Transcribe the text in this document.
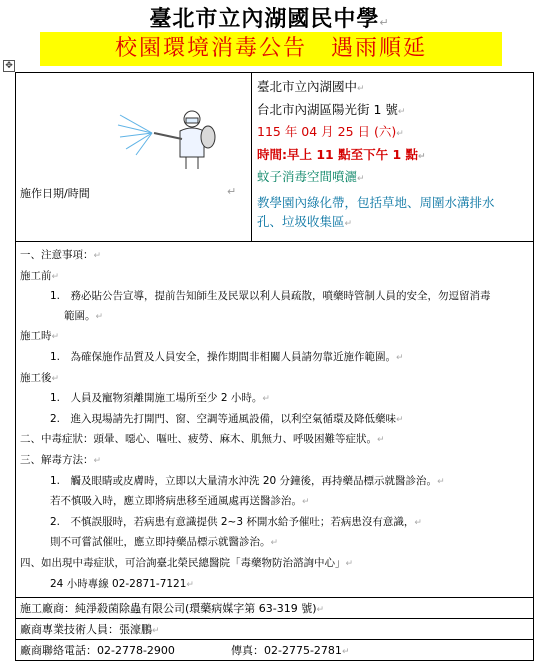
臺北市立內湖國民中學↵
校園環境消毒公告　遇雨順延
✥
施作日期/時間	↵
臺北市立內湖國中↵
台北市內湖區陽光街 1 號↵
115 年 04 月 25 日 (六)↵
時間:早上 11 點至下午 1 點↵
蚊子消毒空間噴灑↵
教學園內綠化帶，包括草地、周圍水溝排水
孔、垃圾收集區↵
一、注意事項：↵
施工前↵
1.　務必貼公告宣導，提前告知師生及民眾以利人員疏散，噴藥時管制人員的安全，勿逗留消毒
範圍。↵
施工時↵
1.　為確保施作品質及人員安全，操作期間非相關人員請勿靠近施作範圍。↵
施工後↵
1.　人員及寵物須離開施工場所至少 2 小時。↵
2.　進入現場請先打開門、窗、空調等通風設備，以利空氣循環及降低藥味↵
二、中毒症狀：頭暈、噁心、嘔吐、疲勞、麻木、肌無力、呼吸困難等症狀。↵
三、解毒方法：↵
1.　觸及眼睛或皮膚時，立即以大量清水沖洗 20 分鐘後，再持藥品標示就醫診治。↵
若不慎吸入時，應立即將病患移至通風處再送醫診治。↵
2.　不慎誤服時，若病患有意識提供 2~3 杯開水給予催吐；若病患沒有意識，↵
則不可嘗試催吐，應立即持藥品標示就醫診治。↵
四、如出現中毒症狀，可洽詢臺北榮民總醫院「毒藥物防治諮詢中心」↵
24 小時專線 02-2871-7121↵
施工廠商：純淨殺菌除蟲有限公司(環藥病媒字第 63-319 號)↵
廠商專業技術人員：張濠鵬↵
廠商聯絡電話：02-2778-2900	傳真：02-2775-2781↵
